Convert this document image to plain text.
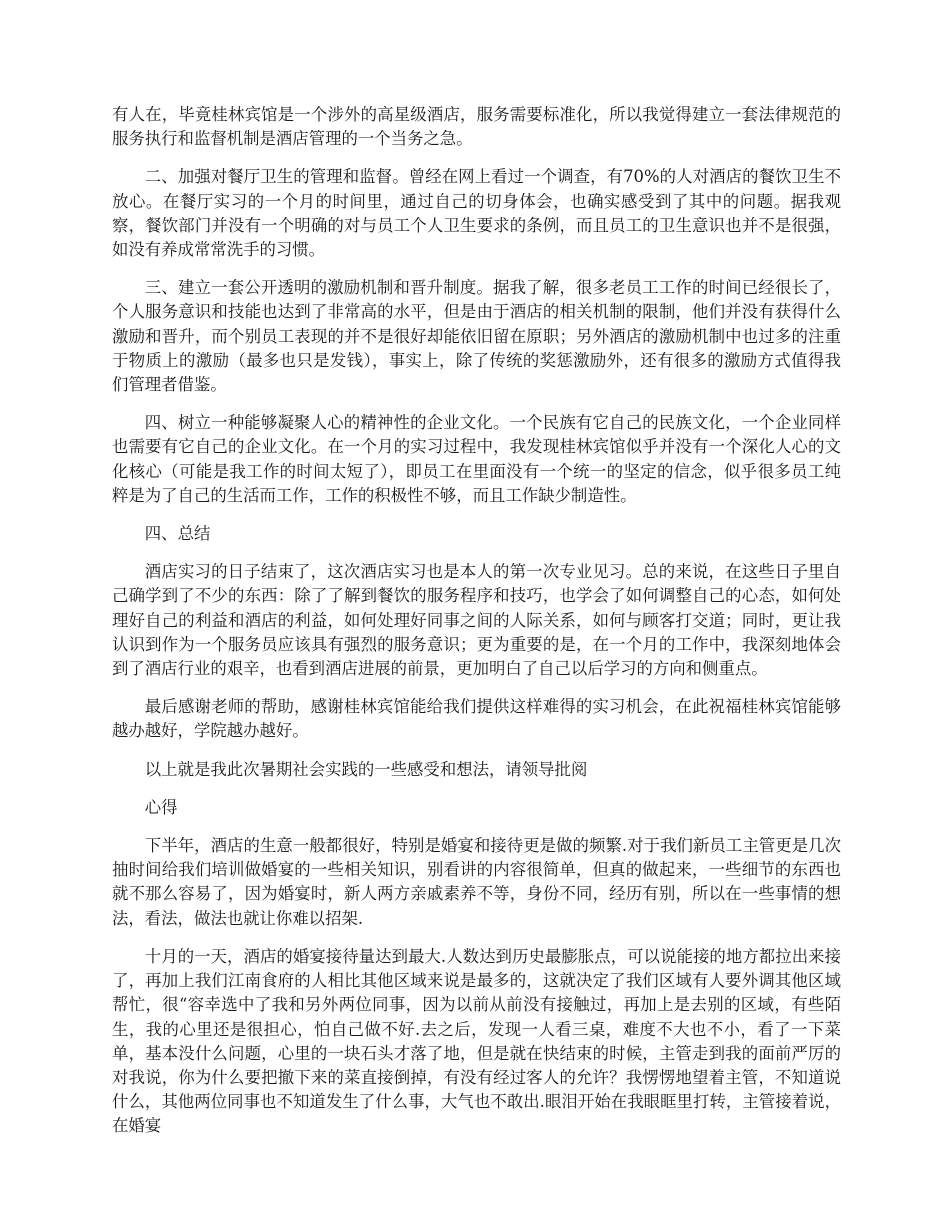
有人在，毕竟桂林宾馆是一个涉外的高星级酒店，服务需要标准化，所以我觉得建立一套法律规范的服务执行和监督机制是酒店管理的一个当务之急。

二、加强对餐厅卫生的管理和监督。曾经在网上看过一个调查，有70%的人对酒店的餐饮卫生不放心。在餐厅实习的一个月的时间里，通过自己的切身体会，也确实感受到了其中的问题。据我观察，餐饮部门并没有一个明确的对与员工个人卫生要求的条例，而且员工的卫生意识也并不是很强，如没有养成常常洗手的习惯。

三、建立一套公开透明的激励机制和晋升制度。据我了解，很多老员工工作的时间已经很长了，个人服务意识和技能也达到了非常高的水平，但是由于酒店的相关机制的限制，他们并没有获得什么激励和晋升，而个别员工表现的并不是很好却能依旧留在原职；另外酒店的激励机制中也过多的注重于物质上的激励（最多也只是发钱），事实上，除了传统的奖惩激励外，还有很多的激励方式值得我们管理者借鉴。

四、树立一种能够凝聚人心的精神性的企业文化。一个民族有它自己的民族文化，一个企业同样也需要有它自己的企业文化。在一个月的实习过程中，我发现桂林宾馆似乎并没有一个深化人心的文化核心（可能是我工作的时间太短了），即员工在里面没有一个统一的坚定的信念，似乎很多员工纯粹是为了自己的生活而工作，工作的积极性不够，而且工作缺少制造性。

四、总结

酒店实习的日子结束了，这次酒店实习也是本人的第一次专业见习。总的来说，在这些日子里自己确学到了不少的东西：除了了解到餐饮的服务程序和技巧，也学会了如何调整自己的心态，如何处理好自己的利益和酒店的利益，如何处理好同事之间的人际关系，如何与顾客打交道；同时，更让我认识到作为一个服务员应该具有强烈的服务意识；更为重要的是，在一个月的工作中，我深刻地体会到了酒店行业的艰辛，也看到酒店进展的前景，更加明白了自己以后学习的方向和侧重点。

最后感谢老师的帮助，感谢桂林宾馆能给我们提供这样难得的实习机会，在此祝福桂林宾馆能够越办越好，学院越办越好。

以上就是我此次暑期社会实践的一些感受和想法，请领导批阅

心得

下半年，酒店的生意一般都很好，特别是婚宴和接待更是做的频繁.对于我们新员工主管更是几次抽时间给我们培训做婚宴的一些相关知识，别看讲的内容很简单，但真的做起来，一些细节的东西也就不那么容易了，因为婚宴时，新人两方亲戚素养不等，身份不同，经历有别，所以在一些事情的想法，看法，做法也就让你难以招架.

十月的一天，酒店的婚宴接待量达到最大.人数达到历史最膨胀点，可以说能接的地方都拉出来接了，再加上我们江南食府的人相比其他区域来说是最多的，这就决定了我们区域有人要外调其他区域帮忙，很“容幸选中了我和另外两位同事，因为以前从前没有接触过，再加上是去别的区域，有些陌生，我的心里还是很担心，怕自己做不好.去之后，发现一人看三桌，难度不大也不小，看了一下菜单，基本没什么问题，心里的一块石头才落了地，但是就在快结束的时候，主管走到我的面前严厉的对我说，你为什么要把撤下来的菜直接倒掉，有没有经过客人的允许？我愣愣地望着主管，不知道说什么，其他两位同事也不知道发生了什么事，大气也不敢出.眼泪开始在我眼眶里打转，主管接着说，在婚宴
